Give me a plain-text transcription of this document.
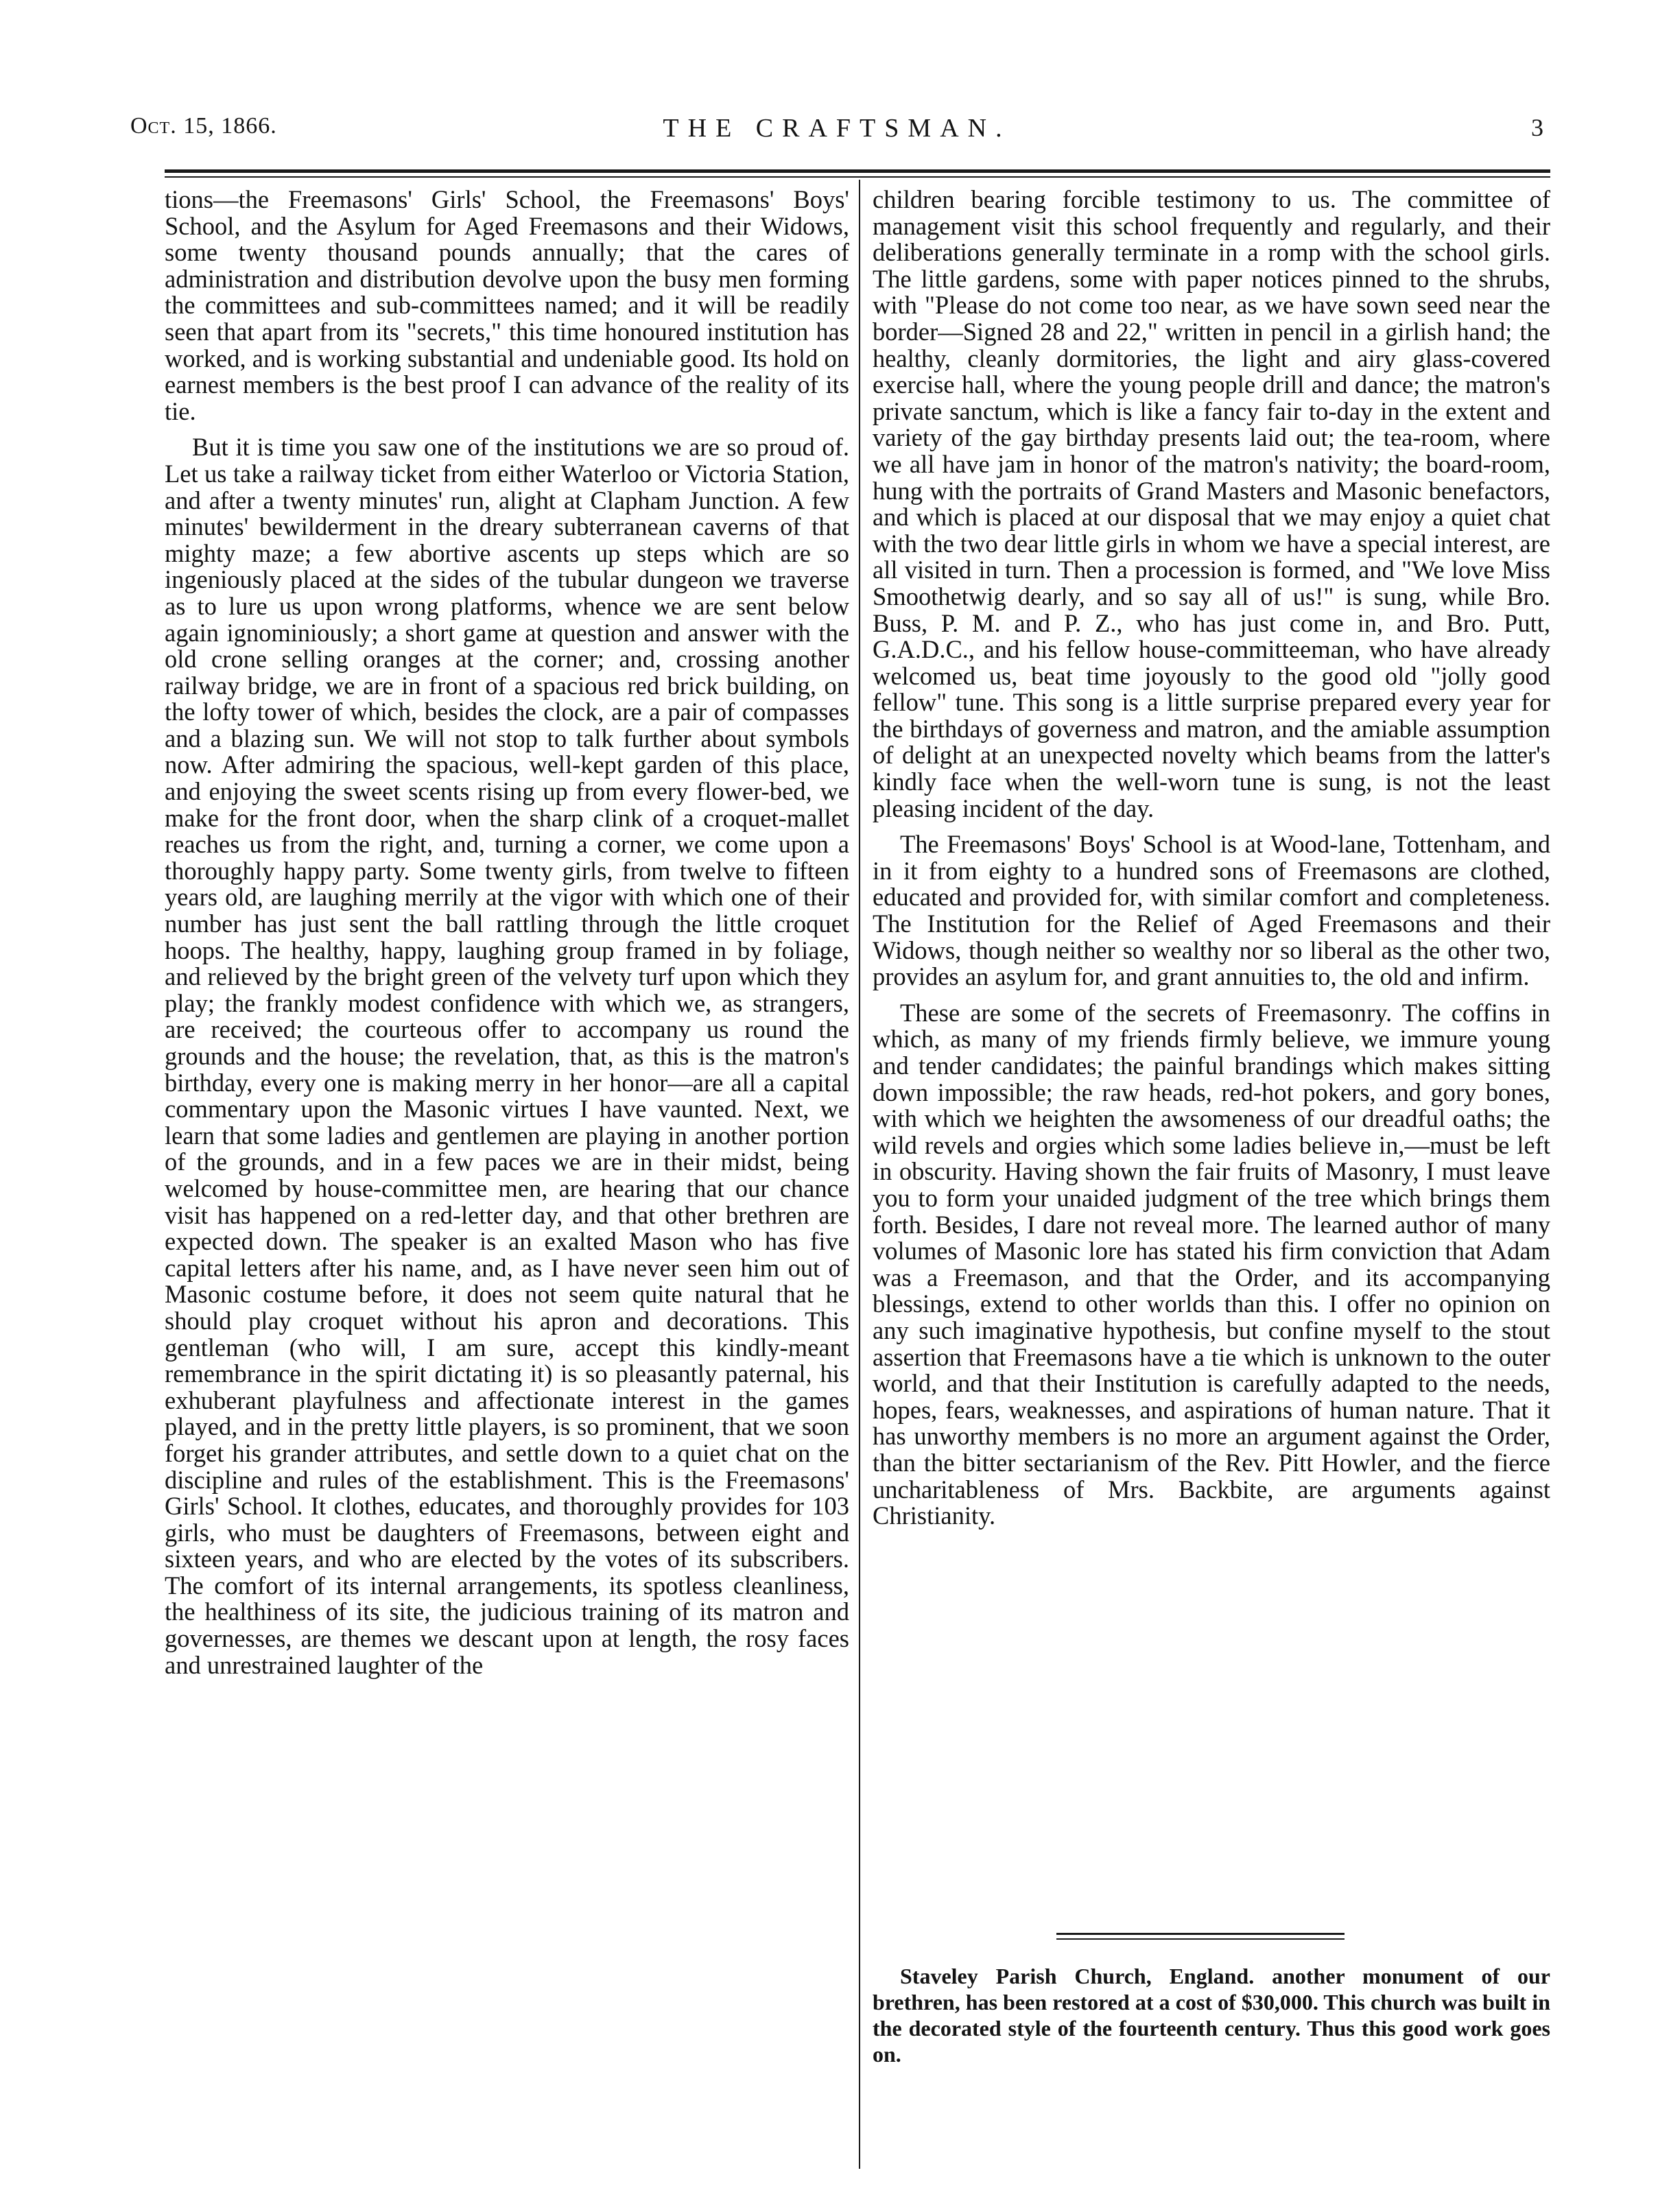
Oct. 15, 1866.	THE CRAFTSMAN.	3

tions—the Freemasons' Girls' School, the Freemasons' Boys' School, and the Asylum for Aged Freemasons and their Widows, some twenty thousand pounds annually; that the cares of administration and distribution devolve upon the busy men forming the committees and sub-committees named; and it will be readily seen that apart from its "secrets," this time honoured institution has worked, and is working substantial and undeniable good. Its hold on earnest members is the best proof I can advance of the reality of its tie.

But it is time you saw one of the institutions we are so proud of. Let us take a railway ticket from either Waterloo or Victoria Station, and after a twenty minutes' run, alight at Clapham Junction. A few minutes' bewilderment in the dreary subterranean caverns of that mighty maze; a few abortive ascents up steps which are so ingeniously placed at the sides of the tubular dungeon we traverse as to lure us upon wrong platforms, whence we are sent below again ignominiously; a short game at question and answer with the old crone selling oranges at the corner; and, crossing another railway bridge, we are in front of a spacious red brick building, on the lofty tower of which, besides the clock, are a pair of compasses and a blazing sun. We will not stop to talk further about symbols now. After admiring the spacious, well-kept garden of this place, and enjoying the sweet scents rising up from every flower-bed, we make for the front door, when the sharp clink of a croquet-mallet reaches us from the right, and, turning a corner, we come upon a thoroughly happy party. Some twenty girls, from twelve to fifteen years old, are laughing merrily at the vigor with which one of their number has just sent the ball rattling through the little croquet hoops. The healthy, happy, laughing group framed in by foliage, and relieved by the bright green of the velvety turf upon which they play; the frankly modest confidence with which we, as strangers, are received; the courteous offer to accompany us round the grounds and the house; the revelation, that, as this is the matron's birthday, every one is making merry in her honor—are all a capital commentary upon the Masonic virtues I have vaunted. Next, we learn that some ladies and gentlemen are playing in another portion of the grounds, and in a few paces we are in their midst, being welcomed by house-committee men, are hearing that our chance visit has happened on a red-letter day, and that other brethren are expected down. The speaker is an exalted Mason who has five capital letters after his name, and, as I have never seen him out of Masonic costume before, it does not seem quite natural that he should play croquet without his apron and decorations. This gentleman (who will, I am sure, accept this kindly-meant remembrance in the spirit dictating it) is so pleasantly paternal, his exhuberant playfulness and affectionate interest in the games played, and in the pretty little players, is so prominent, that we soon forget his grander attributes, and settle down to a quiet chat on the discipline and rules of the establishment. This is the Freemasons' Girls' School. It clothes, educates, and thoroughly provides for 103 girls, who must be daughters of Freemasons, between eight and sixteen years, and who are elected by the votes of its subscribers. The comfort of its internal arrangements, its spotless cleanliness, the healthiness of its site, the judicious training of its matron and governesses, are themes we descant upon at length, the rosy faces and unrestrained laughter of the

children bearing forcible testimony to us. The committee of management visit this school frequently and regularly, and their deliberations generally terminate in a romp with the school girls. The little gardens, some with paper notices pinned to the shrubs, with "Please do not come too near, as we have sown seed near the border—Signed 28 and 22," written in pencil in a girlish hand; the healthy, cleanly dormitories, the light and airy glass-covered exercise hall, where the young people drill and dance; the matron's private sanctum, which is like a fancy fair to-day in the extent and variety of the gay birthday presents laid out; the tea-room, where we all have jam in honor of the matron's nativity; the board-room, hung with the portraits of Grand Masters and Masonic benefactors, and which is placed at our disposal that we may enjoy a quiet chat with the two dear little girls in whom we have a special interest, are all visited in turn. Then a procession is formed, and "We love Miss Smoothetwig dearly, and so say all of us!" is sung, while Bro. Buss, P. M. and P. Z., who has just come in, and Bro. Putt, G.A.D.C., and his fellow house-committeeman, who have already welcomed us, beat time joyously to the good old "jolly good fellow" tune. This song is a little surprise prepared every year for the birthdays of governess and matron, and the amiable assumption of delight at an unexpected novelty which beams from the latter's kindly face when the well-worn tune is sung, is not the least pleasing incident of the day.

The Freemasons' Boys' School is at Wood-lane, Tottenham, and in it from eighty to a hundred sons of Freemasons are clothed, educated and provided for, with similar comfort and completeness. The Institution for the Relief of Aged Freemasons and their Widows, though neither so wealthy nor so liberal as the other two, provides an asylum for, and grant annuities to, the old and infirm.

These are some of the secrets of Freemasonry. The coffins in which, as many of my friends firmly believe, we immure young and tender candidates; the painful brandings which makes sitting down impossible; the raw heads, red-hot pokers, and gory bones, with which we heighten the awsomeness of our dreadful oaths; the wild revels and orgies which some ladies believe in,—must be left in obscurity. Having shown the fair fruits of Masonry, I must leave you to form your unaided judgment of the tree which brings them forth. Besides, I dare not reveal more. The learned author of many volumes of Masonic lore has stated his firm conviction that Adam was a Freemason, and that the Order, and its accompanying blessings, extend to other worlds than this. I offer no opinion on any such imaginative hypothesis, but confine myself to the stout assertion that Freemasons have a tie which is unknown to the outer world, and that their Institution is carefully adapted to the needs, hopes, fears, weaknesses, and aspirations of human nature. That it has unworthy members is no more an argument against the Order, than the bitter sectarianism of the Rev. Pitt Howler, and the fierce uncharitableness of Mrs. Backbite, are arguments against Christianity.

Staveley Parish Church, England. another monument of our brethren, has been restored at a cost of $30,000. This church was built in the decorated style of the fourteenth century. Thus this good work goes on.
